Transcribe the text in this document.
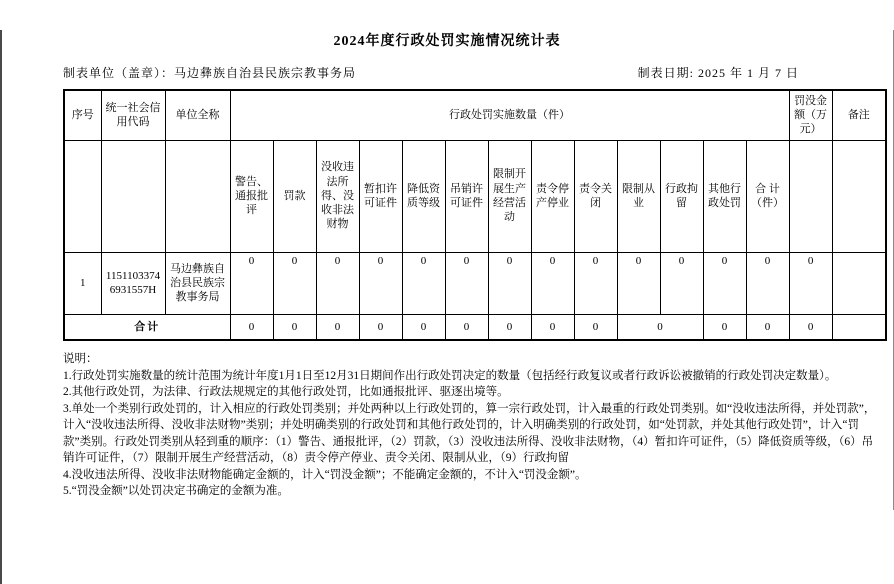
2024年度行政处罚实施情况统计表
制表单位（盖章）：马边彝族自治县民族宗教事务局	制表日期: 2025 年 1 月 7 日
序号	统一社会信用代码	单位全称	行政处罚实施数量（件）													罚没金额（万元）	备注
			警告、通报批评	罚款	没收违法所得、没收非法财物	暂扣许可证件	降低资质等级	吊销许可证件	限制开展生产经营活动	责令停产停业	责令关闭	限制从业	行政拘留	其他行政处罚	合 计（件）		
1	11511033746931557H	马边彝族自治县民族宗教事务局	0	0	0	0	0	0	0	0	0	0	0	0	0	0	
合计			0	0	0	0	0	0	0	0	0	0		0	0	0	
说明：
1.行政处罚实施数量的统计范围为统计年度1月1日至12月31日期间作出行政处罚决定的数量（包括经行政复议或者行政诉讼被撤销的行政处罚决定数量）。
2.其他行政处罚，为法律、行政法规规定的其他行政处罚，比如通报批评、驱逐出境等。
3.单处一个类别行政处罚的，计入相应的行政处罚类别；并处两种以上行政处罚的，算一宗行政处罚，计入最重的行政处罚类别。如“没收违法所得，并处罚款”，计入“没收违法所得、没收非法财物”类别；并处明确类别的行政处罚和其他行政处罚的，计入明确类别的行政处罚，如“处罚款，并处其他行政处罚”，计入“罚款”类别。行政处罚类别从轻到重的顺序：（1）警告、通报批评，（2）罚款，（3）没收违法所得、没收非法财物，（4）暂扣许可证件，（5）降低资质等级，（6）吊销许可证件，（7）限制开展生产经营活动，（8）责令停产停业、责令关闭、限制从业，（9）行政拘留
4.没收违法所得、没收非法财物能确定金额的，计入“罚没金额”；不能确定金额的，不计入“罚没金额”。
5.“罚没金额”以处罚决定书确定的金额为准。
